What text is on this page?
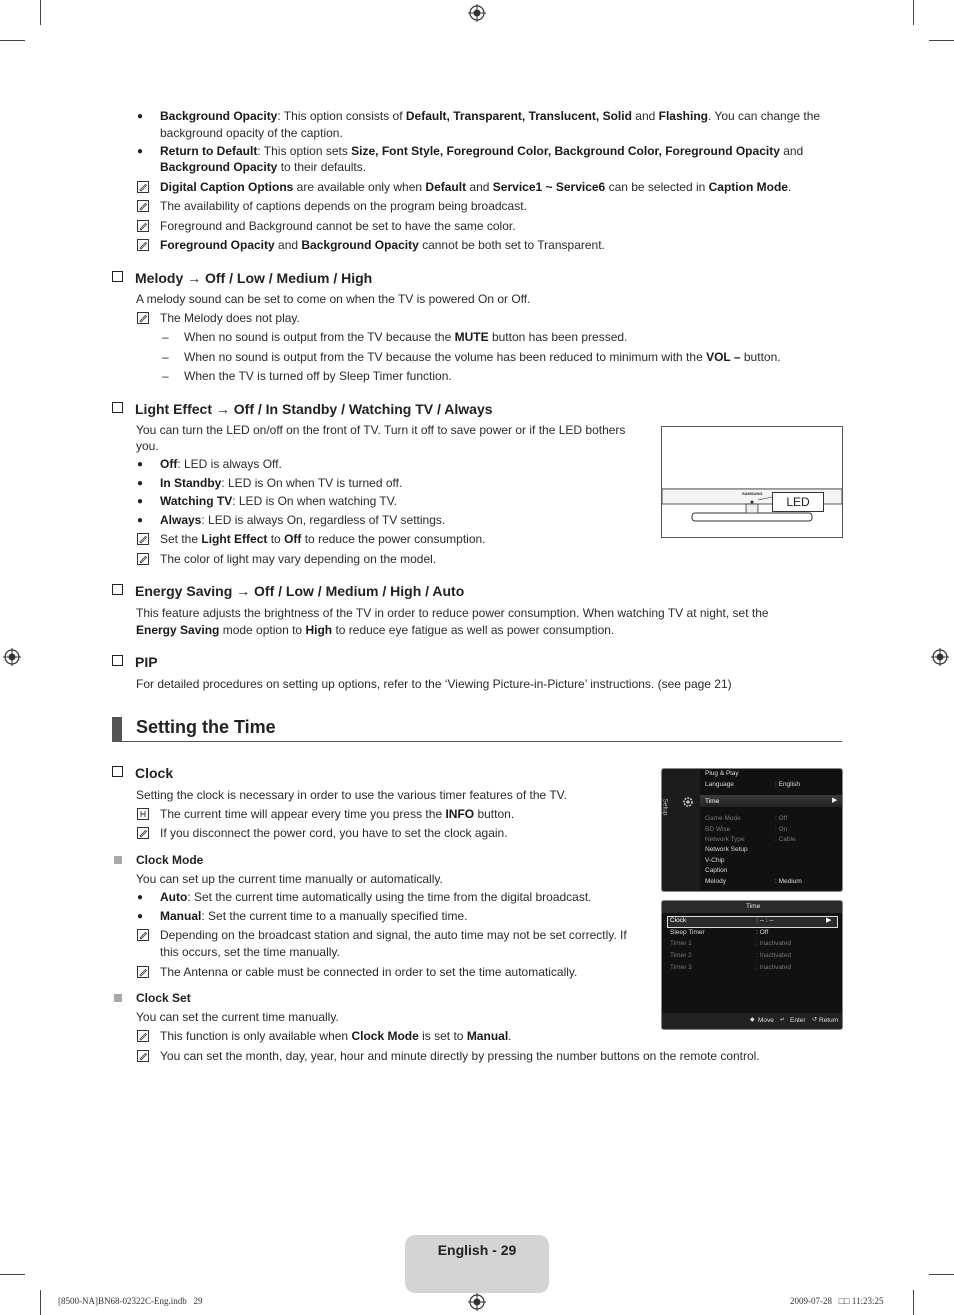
● Background Opacity: This option consists of Default, Transparent, Translucent, Solid and Flashing. You can change the
background opacity of the caption.
● Return to Default: This option sets Size, Font Style, Foreground Color, Background Color, Foreground Opacity and
Background Opacity to their defaults.
Digital Caption Options are available only when Default and Service1 ~ Service6 can be selected in Caption Mode.
The availability of captions depends on the program being broadcast.
Foreground and Background cannot be set to have the same color.
Foreground Opacity and Background Opacity cannot be both set to Transparent.
Melody → Off / Low / Medium / High
A melody sound can be set to come on when the TV is powered On or Off.
The Melody does not play.
– When no sound is output from the TV because the MUTE button has been pressed.
– When no sound is output from the TV because the volume has been reduced to minimum with the VOL – button.
– When the TV is turned off by Sleep Timer function.
Light Effect → Off / In Standby / Watching TV / Always
You can turn the LED on/off on the front of TV. Turn it off to save power or if the LED bothers
you.
● Off: LED is always Off.
● In Standby: LED is On when TV is turned off.
● Watching TV: LED is On when watching TV.
● Always: LED is always On, regardless of TV settings.
Set the Light Effect to Off to reduce the power consumption.
The color of light may vary depending on the model.
SAMSUNG
LED
Energy Saving → Off / Low / Medium / High / Auto
This feature adjusts the brightness of the TV in order to reduce power consumption. When watching TV at night, set the
Energy Saving mode option to High to reduce eye fatigue as well as power consumption.
PIP
For detailed procedures on setting up options, refer to the ‘Viewing Picture-in-Picture’ instructions. (see page 21)
Setting the Time
Clock
Setting the clock is necessary in order to use the various timer features of the TV.
The current time will appear every time you press the INFO button.
If you disconnect the power cord, you have to set the clock again.
Clock Mode
You can set up the current time manually or automatically.
● Auto: Set the current time automatically using the time from the digital broadcast.
● Manual: Set the current time to a manually specified time.
Depending on the broadcast station and signal, the auto time may not be set correctly. If
this occurs, set the time manually.
The Antenna or cable must be connected in order to set the time automatically.
Clock Set
You can set the current time manually.
This function is only available when Clock Mode is set to Manual.
You can set the month, day, year, hour and minute directly by pressing the number buttons on the remote control.
Setup
Plug & Play
Language	: English
Time	▶
Game Mode	: Off
BD Wise	: On
Network Type	: Cable
Network Setup
V-Chip
Caption
Melody	: Medium
Time
Clock	: -- : --	▶
Sleep Timer	: Off
Timer 1	: Inactivated
Timer 2	: Inactivated
Timer 3	: Inactivated
◆ Move ↵ Enter ↺ Return
English - 29
[8500-NA]BN68-02322C-Eng.indb   29	2009-07-28   □□ 11:23:25
